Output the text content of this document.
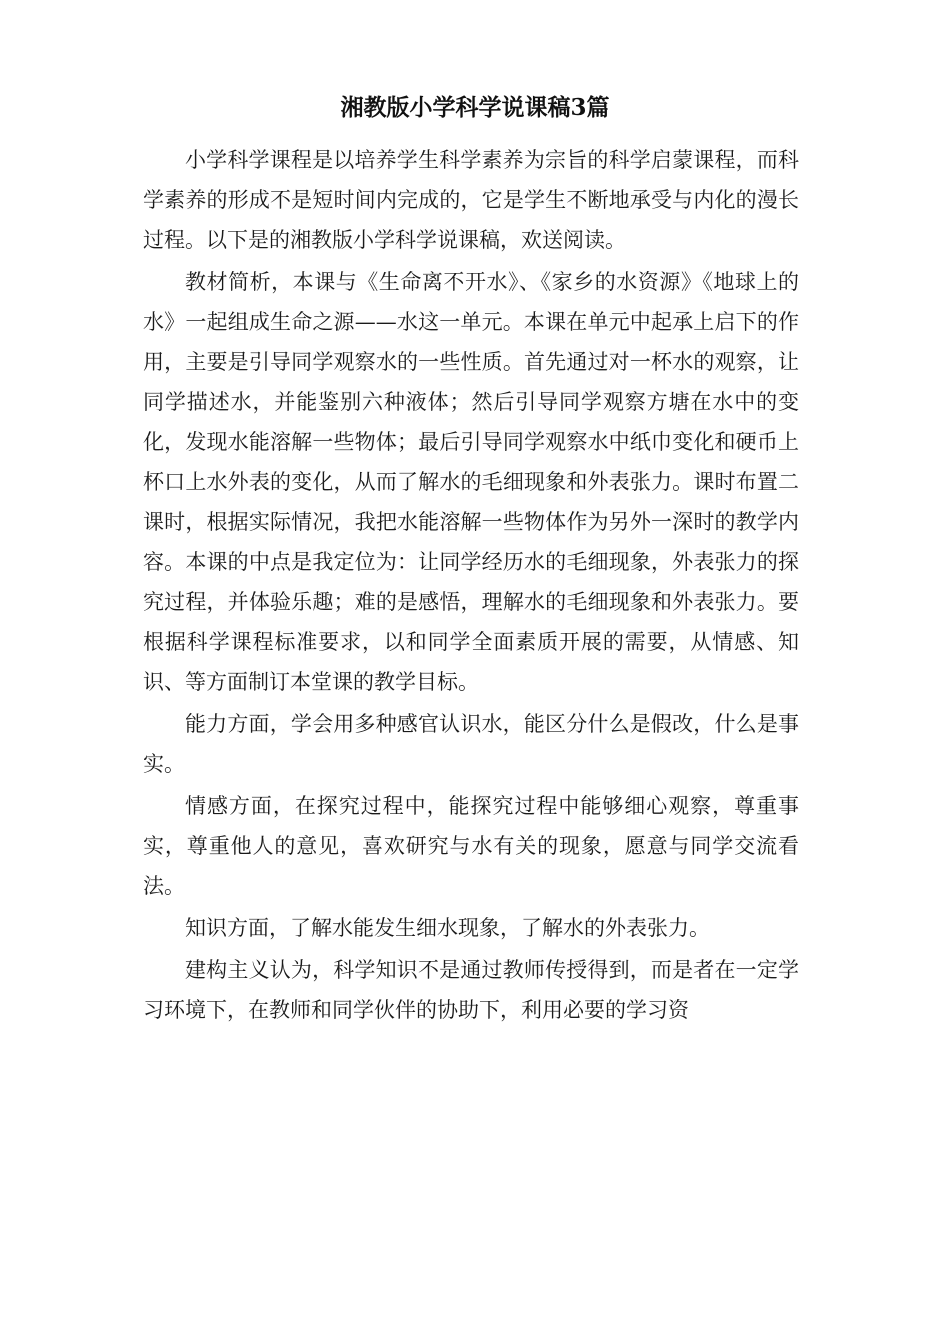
湘教版小学科学说课稿3篇

小学科学课程是以培养学生科学素养为宗旨的科学启蒙课程，而科学素养的形成不是短时间内完成的，它是学生不断地承受与内化的漫长过程。以下是的湘教版小学科学说课稿，欢送阅读。

教材简析，本课与《生命离不开水》、《家乡的水资源》《地球上的水》一起组成生命之源——水这一单元。本课在单元中起承上启下的作用，主要是引导同学观察水的一些性质。首先通过对一杯水的观察，让同学描述水，并能鉴别六种液体；然后引导同学观察方塘在水中的变化，发现水能溶解一些物体；最后引导同学观察水中纸巾变化和硬币上杯口上水外表的变化，从而了解水的毛细现象和外表张力。课时布置二课时，根据实际情况，我把水能溶解一些物体作为另外一深时的教学内容。本课的中点是我定位为：让同学经历水的毛细现象，外表张力的探究过程，并体验乐趣；难的是感悟，理解水的毛细现象和外表张力。要根据科学课程标准要求，以和同学全面素质开展的需要，从情感、知识、等方面制订本堂课的教学目标。

能力方面，学会用多种感官认识水，能区分什么是假改，什么是事实。

情感方面，在探究过程中，能探究过程中能够细心观察，尊重事实，尊重他人的意见，喜欢研究与水有关的现象，愿意与同学交流看法。

知识方面，了解水能发生细水现象，了解水的外表张力。

建构主义认为，科学知识不是通过教师传授得到，而是者在一定学习环境下，在教师和同学伙伴的协助下，利用必要的学习资
